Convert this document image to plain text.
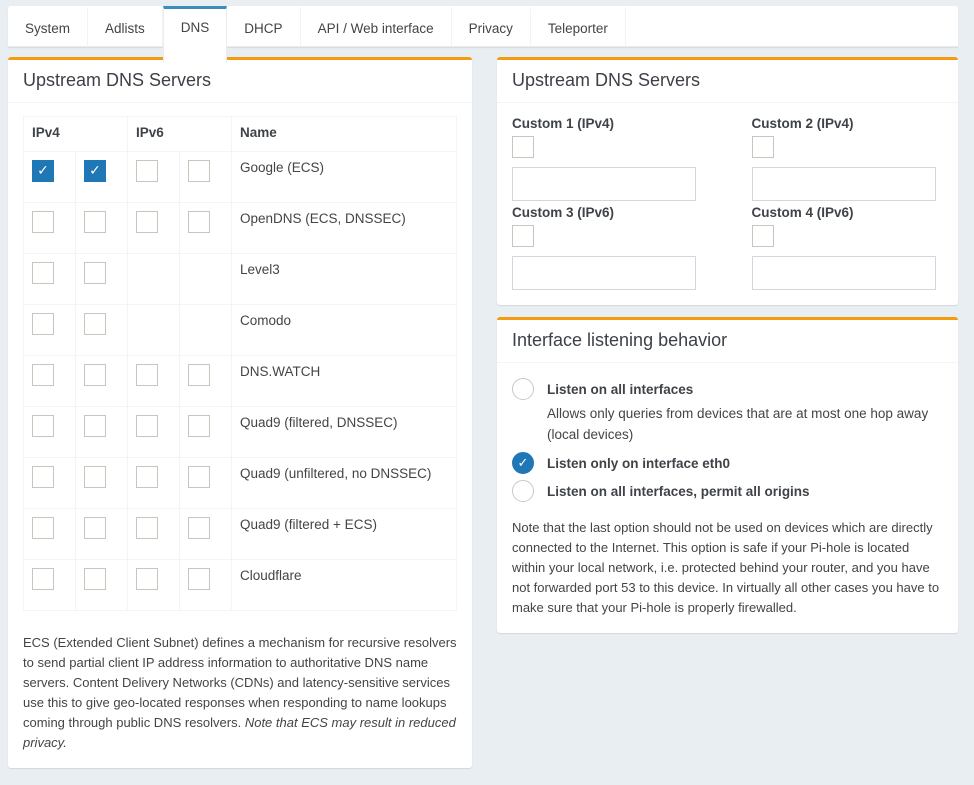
System	Adlists	DNS	DHCP	API / Web interface	Privacy	Teleporter
Upstream DNS Servers
IPv4		IPv6		Name
✓	✓			Google (ECS)
				OpenDNS (ECS, DNSSEC)
				Level3
				Comodo
				DNS.WATCH
				Quad9 (filtered, DNSSEC)
				Quad9 (unfiltered, no DNSSEC)
				Quad9 (filtered + ECS)
				Cloudflare

ECS (Extended Client Subnet) defines a mechanism for recursive resolvers to send partial client IP address information to authoritative DNS name servers. Content Delivery Networks (CDNs) and latency-sensitive services use this to give geo-located responses when responding to name lookups coming through public DNS resolvers. Note that ECS may result in reduced privacy.

Upstream DNS Servers
Custom 1 (IPv4)	Custom 2 (IPv4)
Custom 3 (IPv6)	Custom 4 (IPv6)
Interface listening behavior
Listen on all interfaces

Allows only queries from devices that are at most one hop away (local devices)

✓
Listen only on interface eth0
Listen on all interfaces, permit all origins

Note that the last option should not be used on devices which are directly connected to the Internet. This option is safe if your Pi-hole is located within your local network, i.e. protected behind your router, and you have not forwarded port 53 to this device. In virtually all other cases you have to make sure that your Pi-hole is properly firewalled.
